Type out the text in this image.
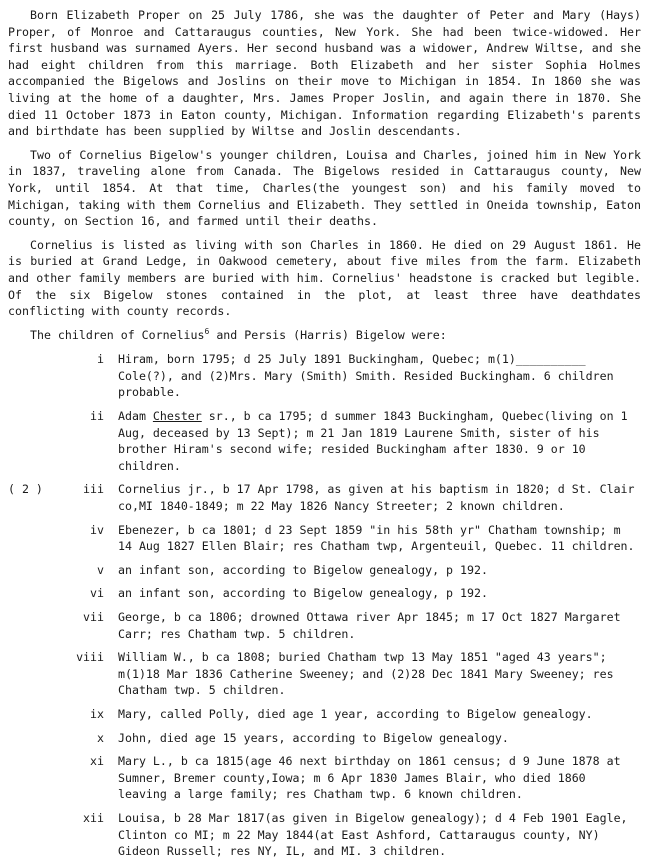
Born Elizabeth Proper on 25 July 1786, she was the daughter of Peter and Mary (Hays) Proper, of Monroe and Cattaraugus counties, New York. She had been twice-widowed. Her first husband was surnamed Ayers. Her second husband was a widower, Andrew Wiltse, and she had eight children from this marriage. Both Elizabeth and her sister Sophia Holmes accompanied the Bigelows and Joslins on their move to Michigan in 1854. In 1860 she was living at the home of a daughter, Mrs. James Proper Joslin, and again there in 1870. She died 11 October 1873 in Eaton county, Michigan. Information regarding Elizabeth's parents and birthdate has been supplied by Wiltse and Joslin descendants.

Two of Cornelius Bigelow's younger children, Louisa and Charles, joined him in New York in 1837, traveling alone from Canada. The Bigelows resided in Cattaraugus county, New York, until 1854. At that time, Charles(the youngest son) and his family moved to Michigan, taking with them Cornelius and Elizabeth. They settled in Oneida township, Eaton county, on Section 16, and farmed until their deaths.

Cornelius is listed as living with son Charles in 1860. He died on 29 August 1861. He is buried at Grand Ledge, in Oakwood cemetery, about five miles from the farm. Elizabeth and other family members are buried with him. Cornelius' headstone is cracked but legible. Of the six Bigelow stones contained in the plot, at least three have deathdates conflicting with county records.

The children of Cornelius$^6$ and Persis (Harris) Bigelow were:
i	Hiram, born 1795; d 25 July 1891 Buckingham, Quebec; m(1)__________ Cole(?), and (2)Mrs. Mary (Smith) Smith. Resided Buckingham. 6 children probable.
ii	Adam Chester sr., b ca 1795; d summer 1843 Buckingham, Quebec(living on 1 Aug, deceased by 13 Sept); m 21 Jan 1819 Laurene Smith, sister of his brother Hiram's second wife; resided Buckingham after 1830. 9 or 10 children.
( 2 )	iii	Cornelius jr., b 17 Apr 1798, as given at his baptism in 1820; d St. Clair co,MI 1840-1849; m 22 May 1826 Nancy Streeter; 2 known children.
iv	Ebenezer, b ca 1801; d 23 Sept 1859 "in his 58th yr" Chatham township; m 14 Aug 1827 Ellen Blair; res Chatham twp, Argenteuil, Quebec. 11 children.
v	an infant son, according to Bigelow genealogy, p 192.
vi	an infant son, according to Bigelow genealogy, p 192.
vii	George, b ca 1806; drowned Ottawa river Apr 1845; m 17 Oct 1827 Margaret Carr; res Chatham twp. 5 children.
viii	William W., b ca 1808; buried Chatham twp 13 May 1851 "aged 43 years"; m(1)18 Mar 1836 Catherine Sweeney; and (2)28 Dec 1841 Mary Sweeney; res Chatham twp. 5 children.
ix	Mary, called Polly, died age 1 year, according to Bigelow genealogy.
x	John, died age 15 years, according to Bigelow genealogy.
xi	Mary L., b ca 1815(age 46 next birthday on 1861 census; d 9 June 1878 at Sumner, Bremer county,Iowa; m 6 Apr 1830 James Blair, who died 1860 leaving a large family; res Chatham twp. 6 known children.
xii	Louisa, b 28 Mar 1817(as given in Bigelow genealogy); d 4 Feb 1901 Eagle, Clinton co MI; m 22 May 1844(at East Ashford, Cattaraugus county, NY) Gideon Russell; res NY, IL, and MI. 3 children.
